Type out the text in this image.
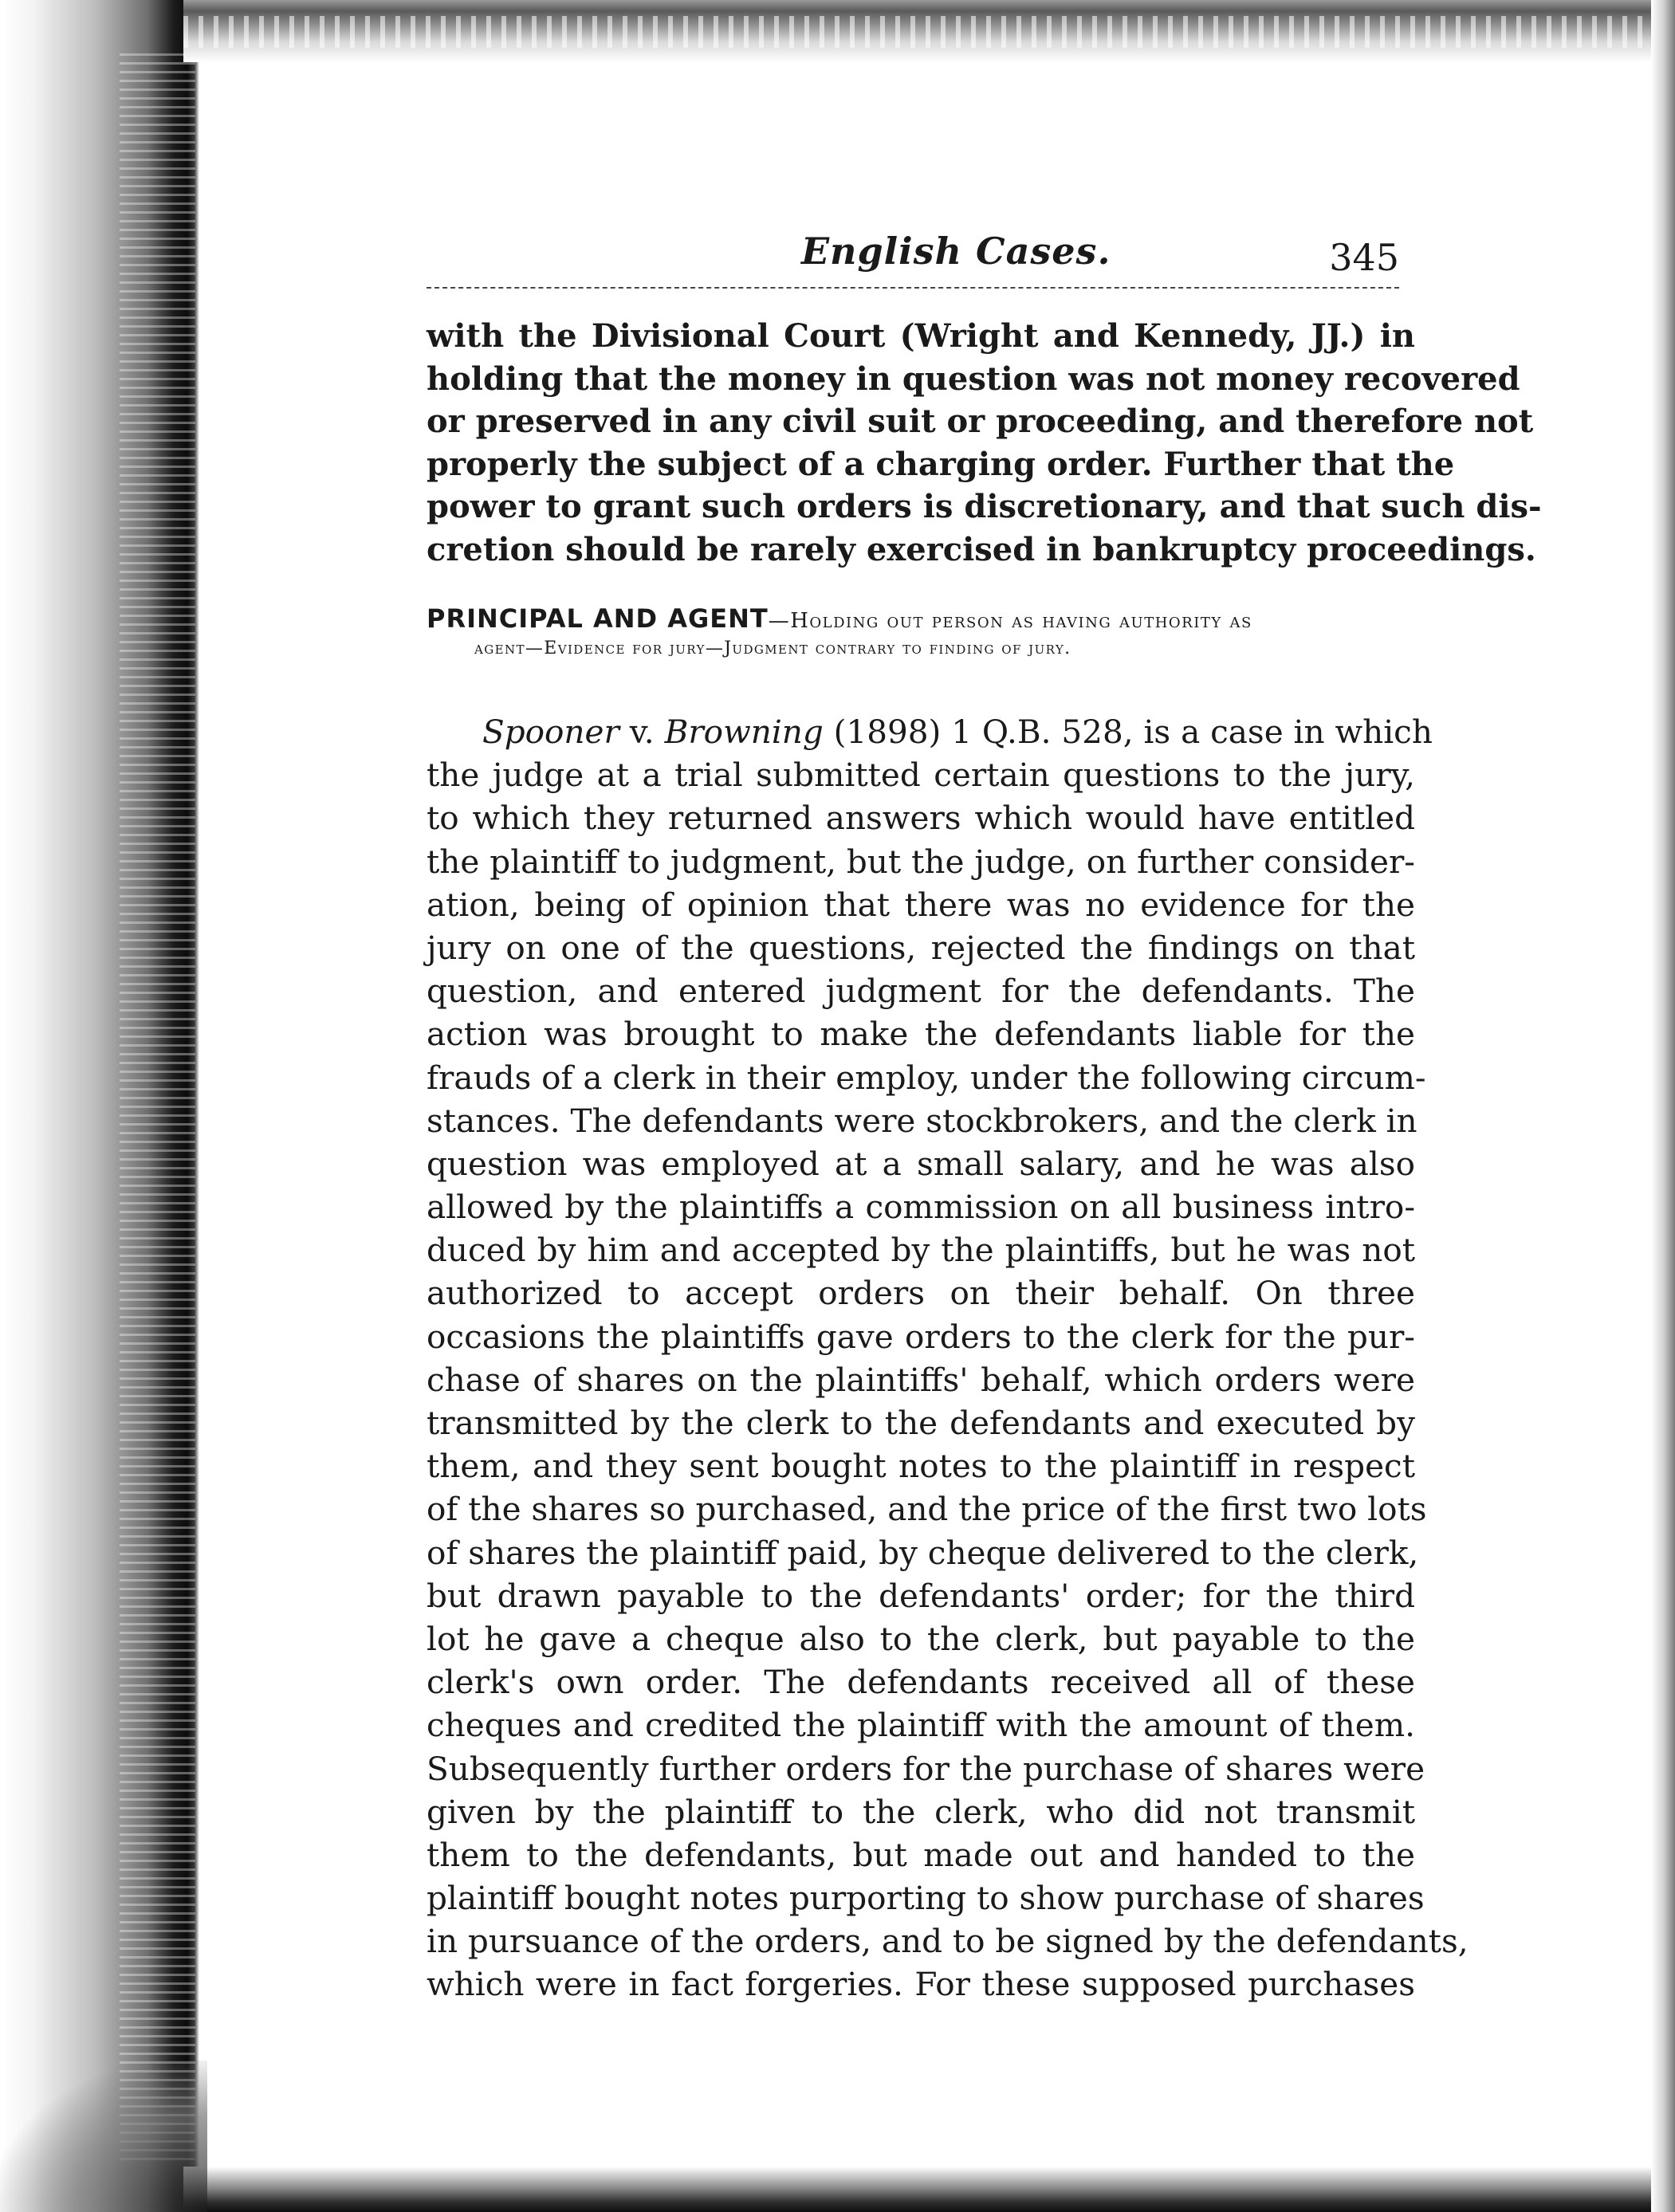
English Cases.	345
with the Divisional Court (Wright and Kennedy, JJ.) in
holding that the money in question was not money recovered
or preserved in any civil suit or proceeding, and therefore not
properly the subject of a charging order. Further that the
power to grant such orders is discretionary, and that such dis-
cretion should be rarely exercised in bankruptcy proceedings.
PRINCIPAL AND AGENT—Holding out person as having authority as
agent—Evidence for jury—Judgment contrary to finding of jury.
Spooner v. Browning (1898) 1 Q.B. 528, is a case in which
the judge at a trial submitted certain questions to the jury,
to which they returned answers which would have entitled
the plaintiff to judgment, but the judge, on further consider-
ation, being of opinion that there was no evidence for the
jury on one of the questions, rejected the findings on that
question, and entered judgment for the defendants. The
action was brought to make the defendants liable for the
frauds of a clerk in their employ, under the following circum-
stances. The defendants were stockbrokers, and the clerk in
question was employed at a small salary, and he was also
allowed by the plaintiffs a commission on all business intro-
duced by him and accepted by the plaintiffs, but he was not
authorized to accept orders on their behalf. On three
occasions the plaintiffs gave orders to the clerk for the pur-
chase of shares on the plaintiffs' behalf, which orders were
transmitted by the clerk to the defendants and executed by
them, and they sent bought notes to the plaintiff in respect
of the shares so purchased, and the price of the first two lots
of shares the plaintiff paid, by cheque delivered to the clerk,
but drawn payable to the defendants' order; for the third
lot he gave a cheque also to the clerk, but payable to the
clerk's own order. The defendants received all of these
cheques and credited the plaintiff with the amount of them.
Subsequently further orders for the purchase of shares were
given by the plaintiff to the clerk, who did not transmit
them to the defendants, but made out and handed to the
plaintiff bought notes purporting to show purchase of shares
in pursuance of the orders, and to be signed by the defendants,
which were in fact forgeries. For these supposed purchases
